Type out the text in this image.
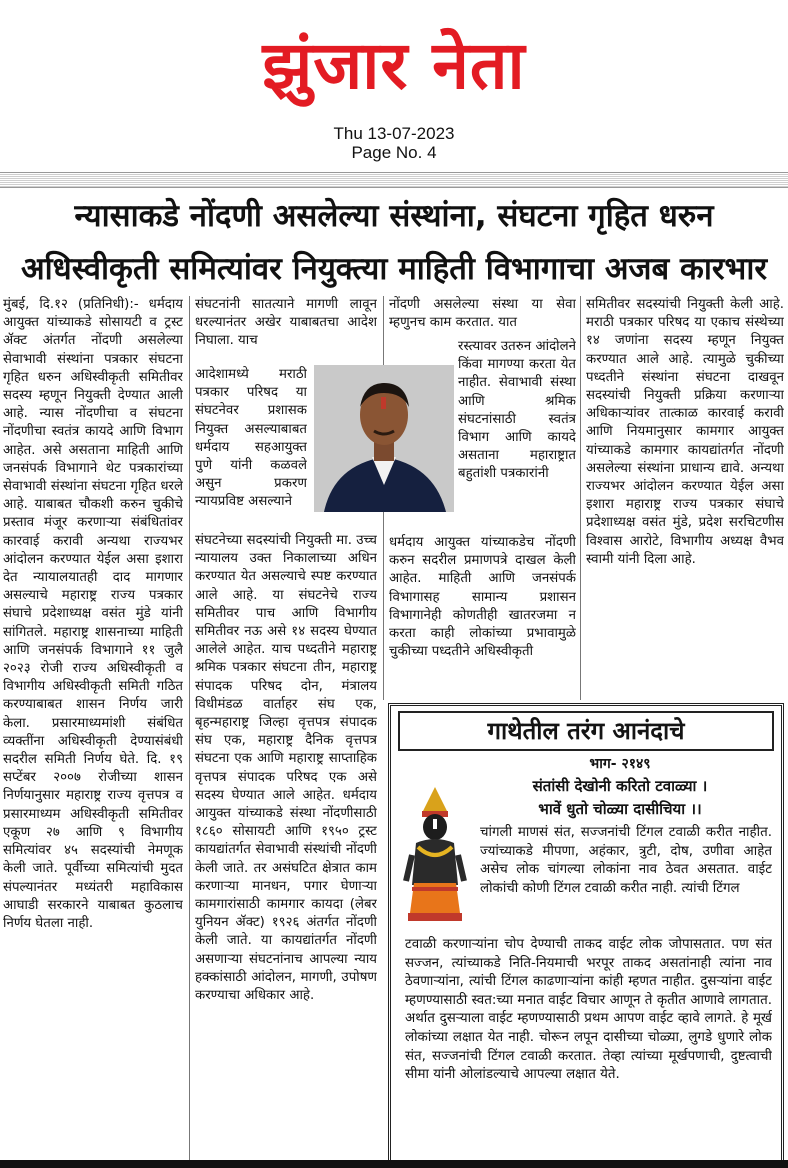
झुंजार नेता
Thu 13-07-2023
Page No. 4
न्यासाकडे नोंदणी असलेल्या संस्थांना, संघटना गृहित धरुन
अधिस्वीकृती समित्यांवर नियुक्त्या माहिती विभागाचा अजब कारभार
मुंबई, दि.१२ (प्रतिनिधी):- धर्मदाय आयुक्त यांच्याकडे सोसायटी व ट्रस्ट ॲक्ट अंतर्गत नोंदणी असलेल्या सेवाभावी संस्थांना पत्रकार संघटना गृहित धरुन अधिस्वीकृती समितीवर सदस्य म्हणून नियुक्ती देण्यात आली आहे. न्यास नोंदणीचा व संघटना नोंदणीचा स्वतंत्र कायदे आणि विभाग आहेत. असे असताना माहिती आणि जनसंपर्क विभागाने थेट पत्रकारांच्या सेवाभावी संस्थांना संघटना गृहित धरले आहे. याबाबत चौकशी करुन चुकीचे प्रस्ताव मंजूर करणाऱ्या संबंधितांवर कारवाई करावी अन्यथा राज्यभर आंदोलन करण्यात येईल असा इशारा देत न्यायालयातही दाद मागणार असल्याचे महाराष्ट्र राज्य पत्रकार संघाचे प्रदेशाध्यक्ष वसंत मुंडे यांनी सांगितले. महाराष्ट्र शासनाच्या माहिती आणि जनसंपर्क विभागाने ११ जुलै २०२३ रोजी राज्य अधिस्वीकृती व विभागीय अधिस्वीकृती समिती गठित करण्याबाबत शासन निर्णय जारी केला. प्रसारमाध्यमांशी संबंधित व्यक्तींना अधिस्वीकृती देण्यासंबंधी सदरील समिती निर्णय घेते. दि. १९ सप्टेंबर २००७ रोजीच्या शासन निर्णयानुसार महाराष्ट्र राज्य वृत्तपत्र व प्रसारमाध्यम अधिस्वीकृती समितीवर एकूण २७ आणि ९ विभागीय समित्यांवर ४५ सदस्यांची नेमणूक केली जाते. पूर्वीच्या समित्यांची मुदत संपल्यानंतर मध्यंतरी महाविकास आघाडी सरकारने याबाबत कुठलाच निर्णय घेतला नाही.
संघटनांनी सातत्याने मागणी लावून धरल्यानंतर अखेर याबाबतचा आदेश निघाला. याच
आदेशामध्ये मराठी पत्रकार परिषद या संघटनेवर प्रशासक नियुक्त असल्याबाबत धर्मदाय सहआयुक्त पुणे यांनी कळवले असुन प्रकरण न्यायप्रविष्ट असल्याने
संघटनेच्या सदस्यांची नियुक्ती मा. उच्च न्यायालय उक्त निकालाच्या अधिन करण्यात येत असल्याचे स्पष्ट करण्यात आले आहे. या संघटनेचे राज्य समितीवर पाच आणि विभागीय समितीवर नऊ असे १४ सदस्य घेण्यात आलेले आहेत. याच पध्दतीने महाराष्ट्र श्रमिक पत्रकार संघटना तीन, महाराष्ट्र संपादक परिषद दोन, मंत्रालय विधीमंडळ वार्ताहर संघ एक, बृहन्महाराष्ट्र जिल्हा वृत्तपत्र संपादक संघ एक, महाराष्ट्र दैनिक वृत्तपत्र संघटना एक आणि महाराष्ट्र साप्ताहिक वृत्तपत्र संपादक परिषद एक असे सदस्य घेण्यात आले आहेत. धर्मदाय आयुक्त यांच्याकडे संस्था नोंदणीसाठी १८६० सोसायटी आणि १९५० ट्रस्ट कायद्यांतर्गत सेवाभावी संस्थांची नोंदणी केली जाते. तर असंघटित क्षेत्रात काम करणाऱ्या मानधन, पगार घेणाऱ्या कामगारांसाठी कामगार कायदा (लेबर युनियन ॲक्ट) १९२६ अंतर्गत नोंदणी केली जाते. या कायद्यांतर्गत नोंदणी असणाऱ्या संघटनांनाच आपल्या न्याय हक्कांसाठी आंदोलन, मागणी, उपोषण करण्याचा अधिकार आहे.
नोंदणी असलेल्या संस्था या सेवा म्हणुनच काम करतात. यात
रस्त्यावर उतरुन आंदोलने किंवा मागण्या करता येत नाहीत. सेवाभावी संस्था आणि श्रमिक संघटनांसाठी स्वतंत्र विभाग आणि कायदे असताना महाराष्ट्रात बहुतांशी पत्रकारांनी
धर्मदाय आयुक्त यांच्याकडेच नोंदणी करुन सदरील प्रमाणपत्रे दाखल केली आहेत. माहिती आणि जनसंपर्क विभागासह सामान्य प्रशासन विभागानेही कोणतीही खातरजमा न करता काही लोकांच्या प्रभावामुळे चुकीच्या पध्दतीने अधिस्वीकृती
समितीवर सदस्यांची नियुक्ती केली आहे. मराठी पत्रकार परिषद या एकाच संस्थेच्या १४ जणांना सदस्य म्हणून नियुक्त करण्यात आले आहे. त्यामुळे चुकीच्या पध्दतीने संस्थांना संघटना दाखवून सदस्यांची नियुक्ती प्रक्रिया करणाऱ्या अधिकाऱ्यांवर तात्काळ कारवाई करावी आणि नियमानुसार कामगार आयुक्त यांच्याकडे कामगार कायद्यांतर्गत नोंदणी असलेल्या संस्थांना प्राधान्य द्यावे. अन्यथा राज्यभर आंदोलन करण्यात येईल असा इशारा महाराष्ट्र राज्य पत्रकार संघाचे प्रदेशाध्यक्ष वसंत मुंडे, प्रदेश सरचिटणीस विश्वास आरोटे, विभागीय अध्यक्ष वैभव स्वामी यांनी दिला आहे.
गाथेतील तरंग आनंदाचे
भाग- २१४९
संतांसी देखोनी करितो टवाळ्या ।
भावें धुतो चोळ्या दासीचिया ।।
चांगली माणसं संत, सज्जनांची टिंगल टवाळी करीत नाहीत. ज्यांच्याकडे मीपणा, अहंकार, त्रुटी, दोष, उणीवा आहेत असेच लोक चांगल्या लोकांना नाव ठेवत असतात. वाईट लोकांची कोणी टिंगल टवाळी करीत नाही. त्यांची टिंगल
टवाळी करणाऱ्यांना चोप देण्याची ताकद वाईट लोक जोपासतात. पण संत सज्जन, त्यांच्याकडे निति-नियमाची भरपूर ताकद असतांनाही त्यांना नाव ठेवणाऱ्यांना, त्यांची टिंगल काढणाऱ्यांना कांही म्हणत नाहीत. दुसऱ्यांना वाईट म्हणण्यासाठी स्वत:च्या मनात वाईट विचार आणून ते कृतीत आणावे लागतात. अर्थात दुसऱ्याला वाईट म्हणण्यासाठी प्रथम आपण वाईट व्हावे लागते. हे मूर्ख लोकांच्या लक्षात येत नाही. चोरून लपून दासीच्या चोळ्या, लुगडे धुणारे लोक संत, सज्जनांची टिंगल टवाळी करतात. तेव्हा त्यांच्या मूर्खपणाची, दुष्टत्वाची सीमा यांनी ओलांडल्याचे आपल्या लक्षात येते.
